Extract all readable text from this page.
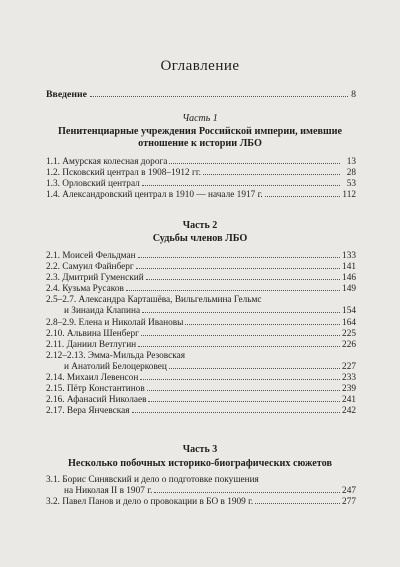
Оглавление
Введение	8
Часть 1
Пенитенциарные учреждения Российской империи, имевшие
отношение к истории ЛБО
1.1. Амурская колесная дорога	13
1.2. Псковский централ в 1908–1912 гг.	28
1.3. Орловский централ	53
1.4. Александровский централ в 1910 — начале 1917 г.	112
Часть 2
Судьбы членов ЛБО
2.1. Моисей Фельдман	133
2.2. Самуил Файнберг	141
2.3. Дмитрий Гуменский	146
2.4. Кузьма Русаков	149
2.5–2.7. Александра Карташёва, Вильгельмина Гельмс
и Зинаида Клапина	154
2.8–2.9. Елена и Николай Ивановы	164
2.10. Альвина Шенберг	225
2.11. Даниил Ветлугин	226
2.12–2.13. Эмма-Мильда Резовская
и Анатолий Белоцерковец	227
2.14. Михаил Левенсон	233
2.15. Пётр Константинов	239
2.16. Афанасий Николаев	241
2.17. Вера Янчевская	242
Часть 3
Несколько побочных историко-биографических сюжетов
3.1. Борис Синявский и дело о подготовке покушения
на Николая II в 1907 г.	247
3.2. Павел Панов и дело о провокации в БО в 1909 г.	277
